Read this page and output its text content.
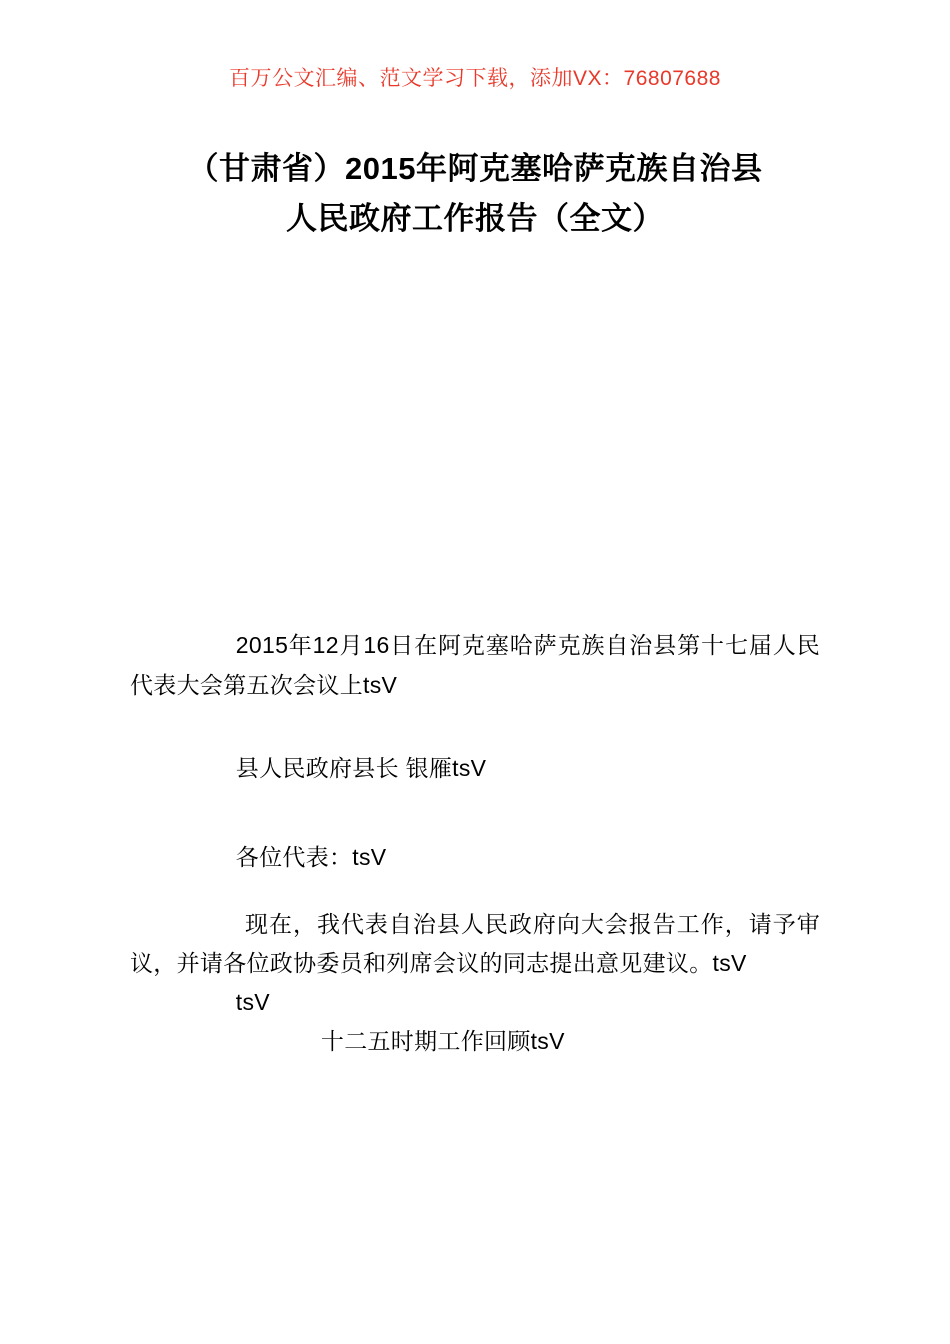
百万公文汇编、范文学习下载，添加VX：76807688
（甘肃省）2015年阿克塞哈萨克族自治县
人民政府工作报告（全文）
2015年12月16日在阿克塞哈萨克族自治县第十七届人民代表大会第五次会议上tsV
县人民政府县长 银雁tsV
各位代表：tsV
现在，我代表自治县人民政府向大会报告工作，请予审议，并请各位政协委员和列席会议的同志提出意见建议。tsV
tsV
十二五时期工作回顾tsV
